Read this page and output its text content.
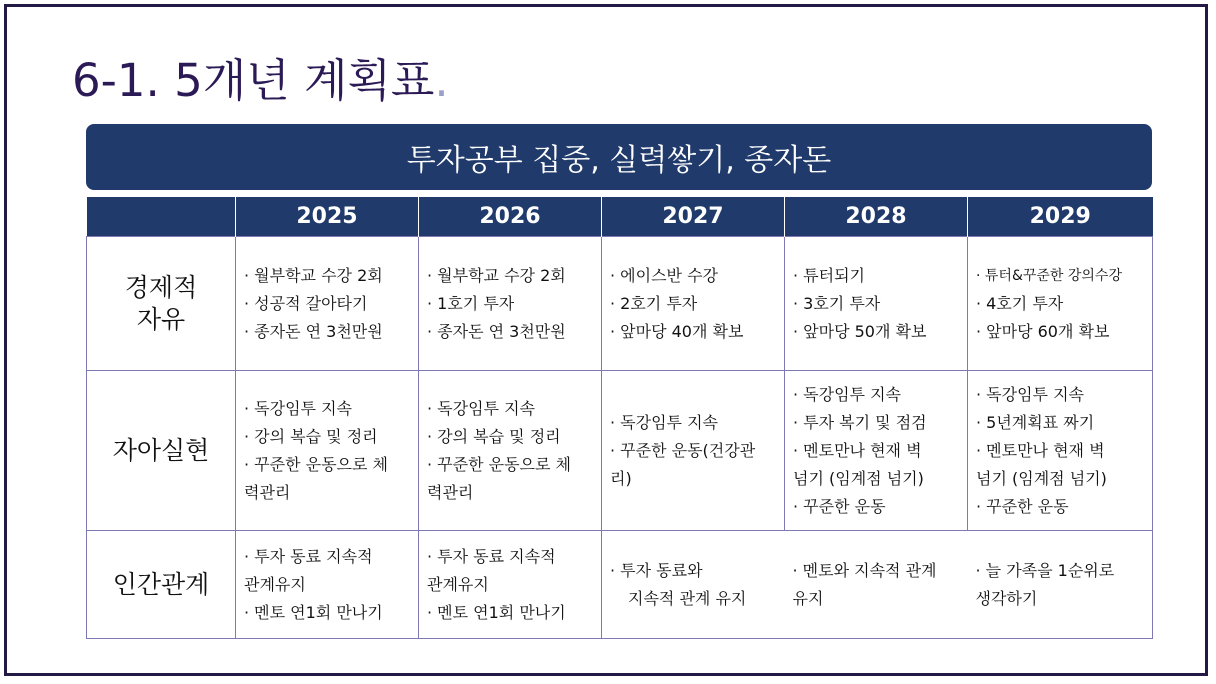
6-1. 5개년 계획표.
투자공부 집중, 실력쌓기, 종자돈
	2025	2026	2027	2028	2029

경제적
자유	· 월부학교 수강 2회
· 성공적 갈아타기
· 종자돈 연 3천만원	· 월부학교 수강 2회
· 1호기 투자
· 종자돈 연 3천만원	· 에이스반 수강
· 2호기 투자
· 앞마당 40개 확보	· 튜터되기
· 3호기 투자
· 앞마당 50개 확보	· 튜터&꾸준한 강의수강
· 4호기 투자
· 앞마당 60개 확보

자아실현	· 독강임투 지속
· 강의 복습 및 정리
· 꾸준한 운동으로 체
력관리	· 독강임투 지속
· 강의 복습 및 정리
· 꾸준한 운동으로 체
력관리	· 독강임투 지속
· 꾸준한 운동(건강관
리)	· 독강임투 지속
· 투자 복기 및 점검
· 멘토만나 현재 벽
넘기 (임계점 넘기)
· 꾸준한 운동	· 독강임투 지속
· 5년계획표 짜기
· 멘토만나 현재 벽
넘기 (임계점 넘기)
· 꾸준한 운동

인간관계	· 투자 동료 지속적
관계유지
· 멘토 연1회 만나기	· 투자 동료 지속적
관계유지
· 멘토 연1회 만나기	· 투자 동료와
지속적 관계 유지	· 멘토와 지속적 관계
유지	· 늘 가족을 1순위로
생각하기
